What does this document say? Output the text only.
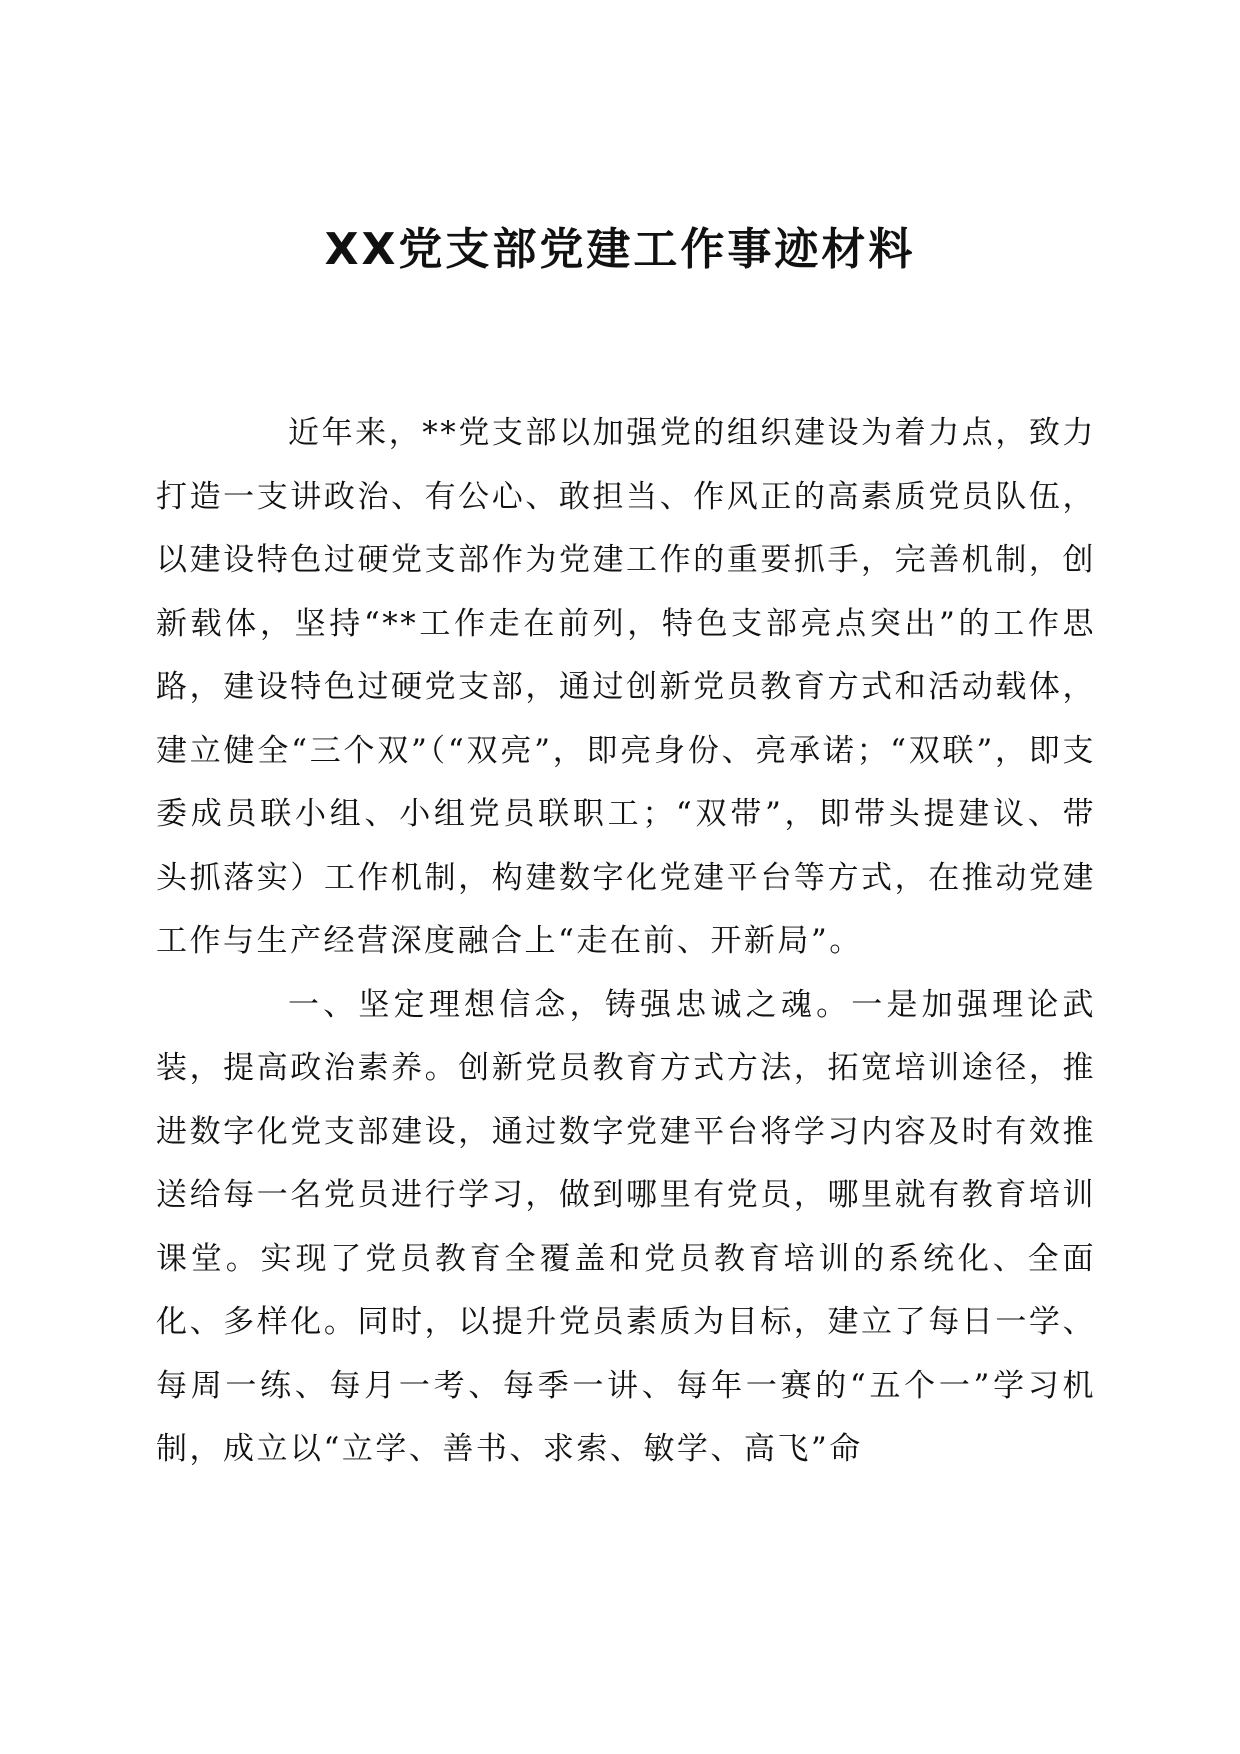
XX党支部党建工作事迹材料

近年来，**党支部以加强党的组织建设为着力点，致力打造一支讲政治、有公心、敢担当、作风正的高素质党员队伍，以建设特色过硬党支部作为党建工作的重要抓手，完善机制，创新载体，坚持“**工作走在前列，特色支部亮点突出”的工作思路，建设特色过硬党支部，通过创新党员教育方式和活动载体，建立健全“三个双”（“双亮”，即亮身份、亮承诺；“双联”，即支委成员联小组、小组党员联职工；“双带”，即带头提建议、带头抓落实）工作机制，构建数字化党建平台等方式，在推动党建工作与生产经营深度融合上“走在前、开新局”。

一、坚定理想信念，铸强忠诚之魂。一是加强理论武装，提高政治素养。创新党员教育方式方法，拓宽培训途径，推进数字化党支部建设，通过数字党建平台将学习内容及时有效推送给每一名党员进行学习，做到哪里有党员，哪里就有教育培训课堂。实现了党员教育全覆盖和党员教育培训的系统化、全面化、多样化。同时，以提升党员素质为目标，建立了每日一学、每周一练、每月一考、每季一讲、每年一赛的“五个一”学习机制，成立以“立学、善书、求索、敏学、高飞”命
